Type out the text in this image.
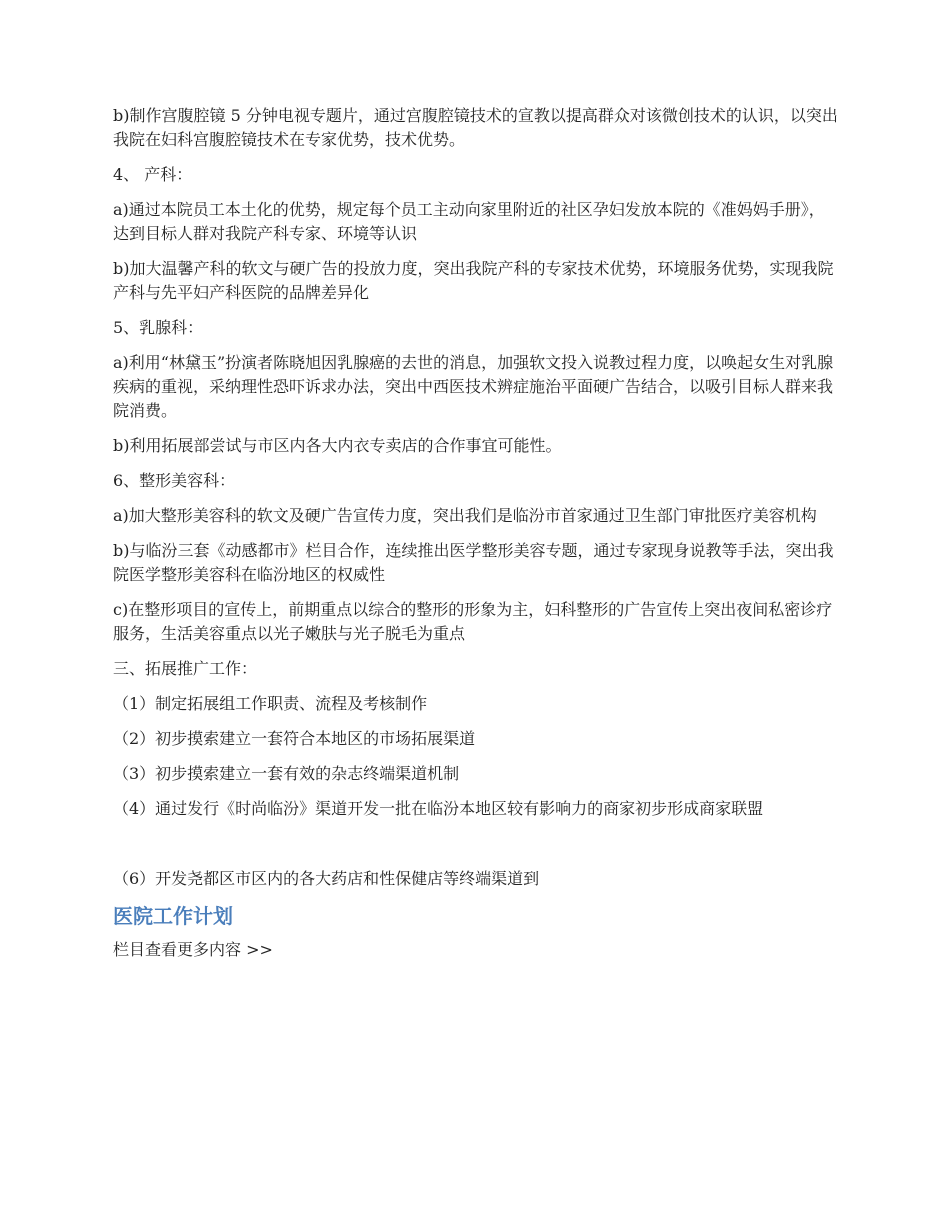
b)制作宫腹腔镜 5 分钟电视专题片，通过宫腹腔镜技术的宣教以提高群众对该微创技术的认识，以突出我院在妇科宫腹腔镜技术在专家优势，技术优势。

4、 产科：

a)通过本院员工本土化的优势，规定每个员工主动向家里附近的社区孕妇发放本院的《准妈妈手册》，达到目标人群对我院产科专家、环境等认识

b)加大温馨产科的软文与硬广告的投放力度，突出我院产科的专家技术优势，环境服务优势，实现我院产科与先平妇产科医院的品牌差异化

5、乳腺科：

a)利用“林黛玉”扮演者陈晓旭因乳腺癌的去世的消息，加强软文投入说教过程力度，以唤起女生对乳腺疾病的重视，采纳理性恐吓诉求办法，突出中西医技术辨症施治平面硬广告结合，以吸引目标人群来我院消费。

b)利用拓展部尝试与市区内各大内衣专卖店的合作事宜可能性。

6、整形美容科：

a)加大整形美容科的软文及硬广告宣传力度，突出我们是临汾市首家通过卫生部门审批医疗美容机构

b)与临汾三套《动感都市》栏目合作，连续推出医学整形美容专题，通过专家现身说教等手法，突出我院医学整形美容科在临汾地区的权威性

c)在整形项目的宣传上，前期重点以综合的整形的形象为主，妇科整形的广告宣传上突出夜间私密诊疗服务，生活美容重点以光子嫩肤与光子脱毛为重点

三、拓展推广工作：

（1）制定拓展组工作职责、流程及考核制作

（2）初步摸索建立一套符合本地区的市场拓展渠道

（3）初步摸索建立一套有效的杂志终端渠道机制

（4）通过发行《时尚临汾》渠道开发一批在临汾本地区较有影响力的商家初步形成商家联盟

（6）开发尧都区市区内的各大药店和性保健店等终端渠道到

医院工作计划

栏目查看更多内容 >>
